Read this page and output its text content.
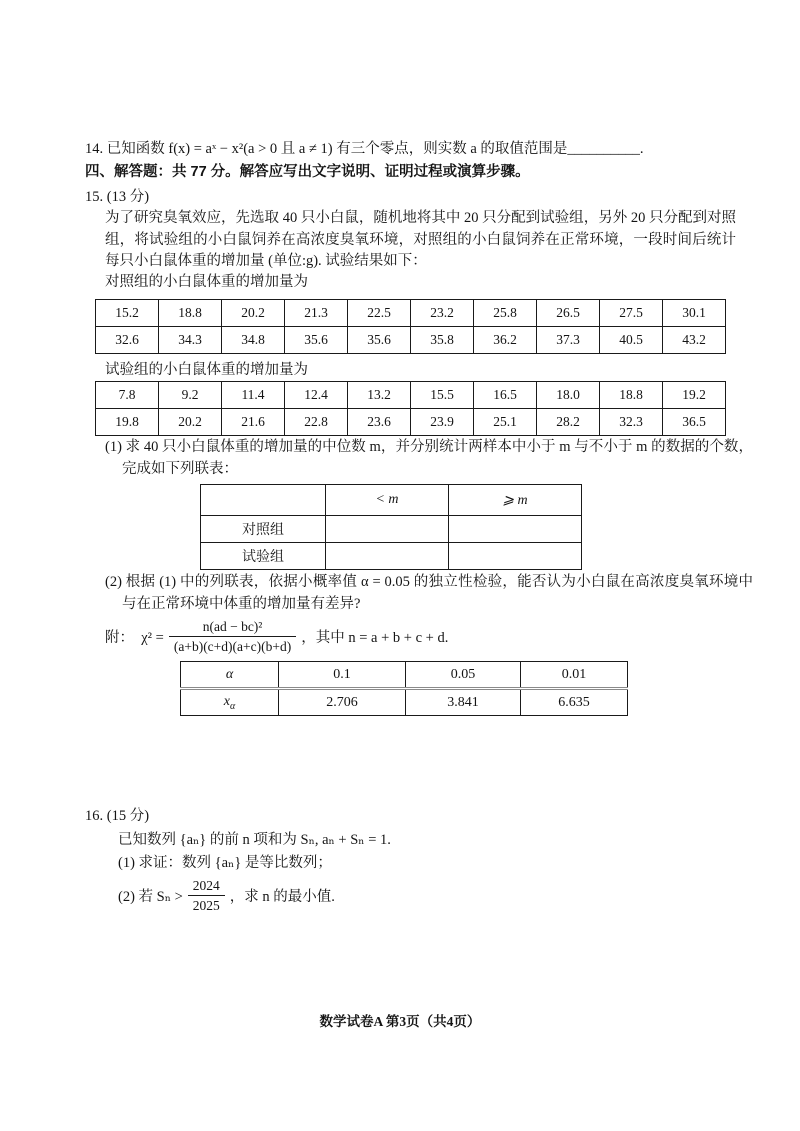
14. 已知函数 f(x) = aˣ − x²(a > 0 且 a ≠ 1) 有三个零点，则实数 a 的取值范围是__________.
四、解答题：共 77 分。解答应写出文字说明、证明过程或演算步骤。
15. (13 分)
为了研究臭氧效应，先选取 40 只小白鼠，随机地将其中 20 只分配到试验组，另外 20 只分配到对照组，将试验组的小白鼠饲养在高浓度臭氧环境，对照组的小白鼠饲养在正常环境，一段时间后统计每只小白鼠体重的增加量 (单位:g). 试验结果如下：
对照组的小白鼠体重的增加量为
15.2	18.8	20.2	21.3	22.5	23.2	25.8	26.5	27.5	30.1
32.6	34.3	34.8	35.6	35.6	35.8	36.2	37.3	40.5	43.2
试验组的小白鼠体重的增加量为
7.8	9.2	11.4	12.4	13.2	15.5	16.5	18.0	18.8	19.2
19.8	20.2	21.6	22.8	23.6	23.9	25.1	28.2	32.3	36.5
(1) 求 40 只小白鼠体重的增加量的中位数 m，并分别统计两样本中小于 m 与不小于 m 的数据的个数，完成如下列联表：
	< m	⩾ m
对照组		
试验组		
(2) 根据 (1) 中的列联表，依据小概率值 α = 0.05 的独立性检验，能否认为小白鼠在高浓度臭氧环境中与在正常环境中体重的增加量有差异?
附：  $\chi^2 = \frac{\text{n(ad − bc)²}}{(a+b)(c+d)(a+c)(b+d)}$ ，其中 n = a + b + c + d.
α	0.1	0.05	0.01
$x_\alpha$	2.706	3.841	6.635
16. (15 分)
已知数列 {aₙ} 的前 n 项和为 Sₙ, aₙ + Sₙ = 1.
(1) 求证：数列 {aₙ} 是等比数列；
(2) 若 $S_n > \frac{2024}{2025}$ ，求 n 的最小值.
数学试卷A 第3页（共4页）
